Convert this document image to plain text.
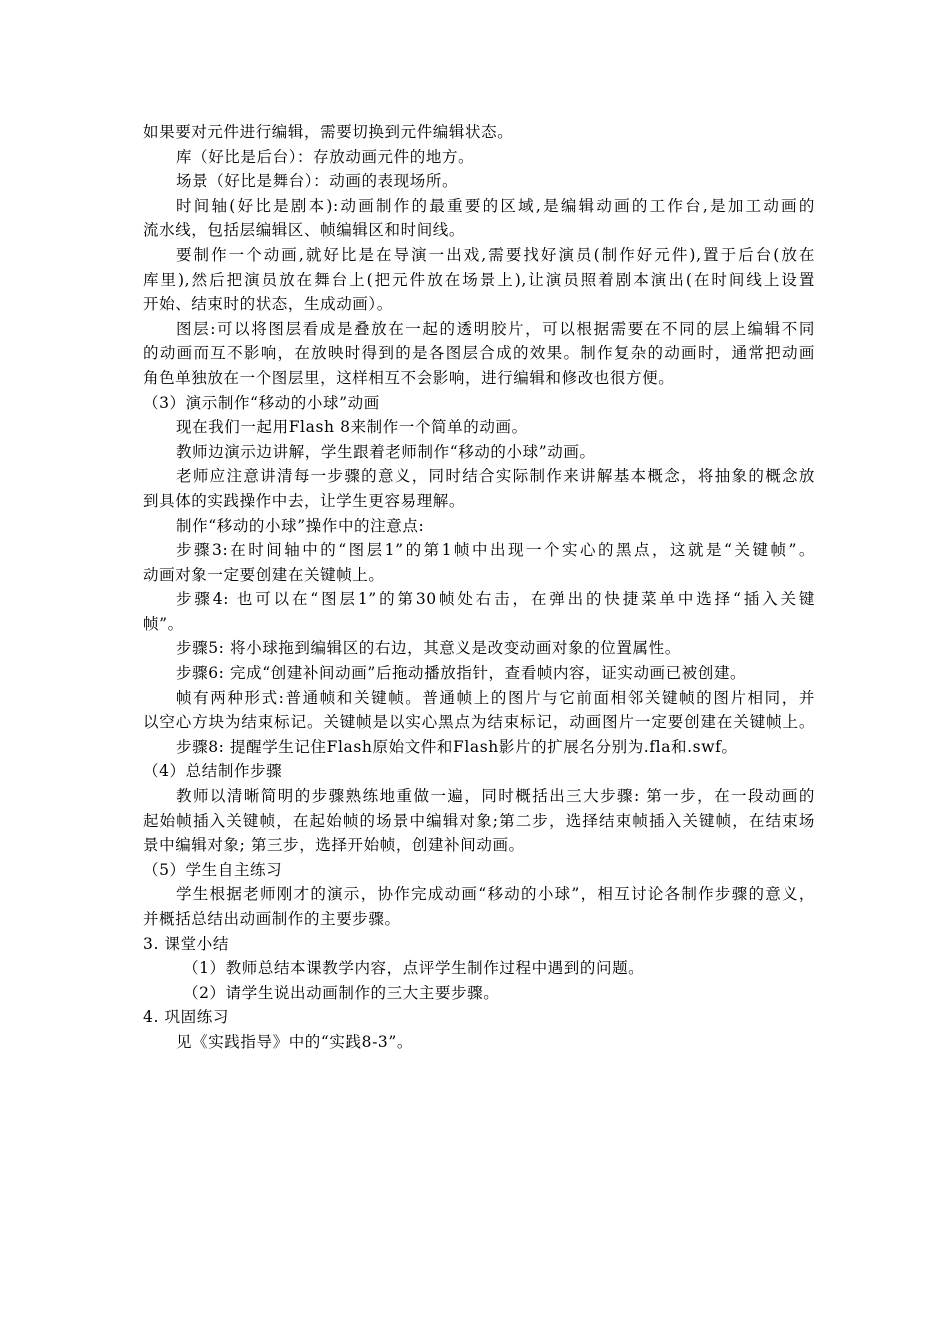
如果要对元件进行编辑，需要切换到元件编辑状态。
库（好比是后台）：存放动画元件的地方。
场景（好比是舞台）：动画的表现场所。
时间轴(好比是剧本):动画制作的最重要的区域,是编辑动画的工作台,是加工动画的
流水线，包括层编辑区、帧编辑区和时间线。
要制作一个动画,就好比是在导演一出戏,需要找好演员(制作好元件),置于后台(放在
库里),然后把演员放在舞台上(把元件放在场景上),让演员照着剧本演出(在时间线上设置
开始、结束时的状态，生成动画）。
图层:可以将图层看成是叠放在一起的透明胶片，可以根据需要在不同的层上编辑不同
的动画而互不影响，在放映时得到的是各图层合成的效果。制作复杂的动画时，通常把动画
角色单独放在一个图层里，这样相互不会影响，进行编辑和修改也很方便。
（3）演示制作“移动的小球”动画
现在我们一起用Flash 8来制作一个简单的动画。
教师边演示边讲解，学生跟着老师制作“移动的小球”动画。
老师应注意讲清每一步骤的意义，同时结合实际制作来讲解基本概念，将抽象的概念放
到具体的实践操作中去，让学生更容易理解。
制作“移动的小球”操作中的注意点:
步骤3:在时间轴中的“图层1”的第1帧中出现一个实心的黑点，这就是“关键帧”。
动画对象一定要创建在关键帧上。
步骤4: 也可以在“图层1”的第30帧处右击，在弹出的快捷菜单中选择“插入关键
帧”。
步骤5: 将小球拖到编辑区的右边，其意义是改变动画对象的位置属性。
步骤6: 完成“创建补间动画”后拖动播放指针，查看帧内容，证实动画已被创建。
帧有两种形式:普通帧和关键帧。普通帧上的图片与它前面相邻关键帧的图片相同，并
以空心方块为结束标记。关键帧是以实心黑点为结束标记，动画图片一定要创建在关键帧上。
步骤8: 提醒学生记住Flash原始文件和Flash影片的扩展名分别为.fla和.swf。
（4）总结制作步骤
教师以清晰简明的步骤熟练地重做一遍，同时概括出三大步骤: 第一步，在一段动画的
起始帧插入关键帧，在起始帧的场景中编辑对象;第二步，选择结束帧插入关键帧，在结束场
景中编辑对象; 第三步，选择开始帧，创建补间动画。
（5）学生自主练习
学生根据老师刚才的演示，协作完成动画“移动的小球”，相互讨论各制作步骤的意义，
并概括总结出动画制作的主要步骤。
3. 课堂小结
（1）教师总结本课教学内容，点评学生制作过程中遇到的问题。
（2）请学生说出动画制作的三大主要步骤。
4. 巩固练习
见《实践指导》中的“实践8-3”。
